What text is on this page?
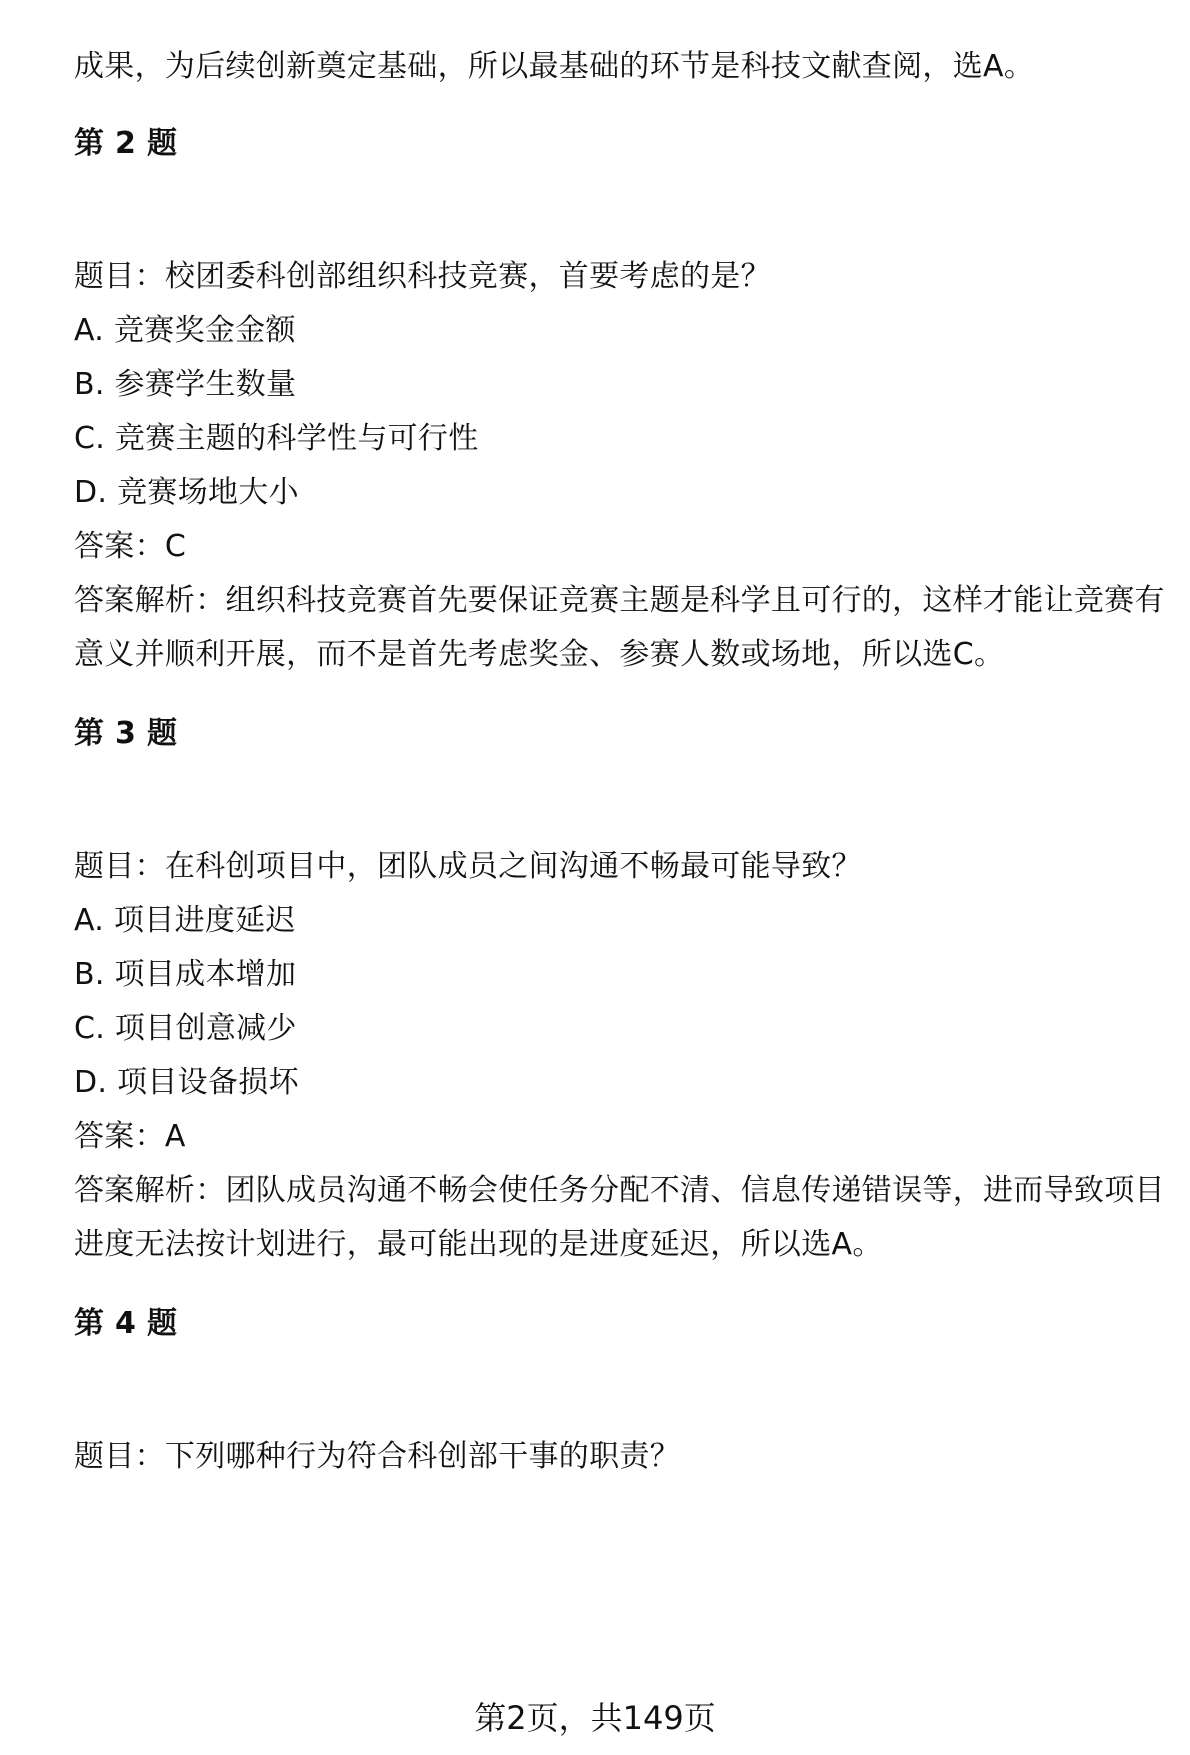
成果，为后续创新奠定基础，所以最基础的环节是科技文献查阅，选A。
第 2 题
题目：校团委科创部组织科技竞赛，首要考虑的是？
A. 竞赛奖金金额
B. 参赛学生数量
C. 竞赛主题的科学性与可行性
D. 竞赛场地大小
答案：C
答案解析：组织科技竞赛首先要保证竞赛主题是科学且可行的，这样才能让竞赛有
意义并顺利开展，而不是首先考虑奖金、参赛人数或场地，所以选C。
第 3 题
题目：在科创项目中，团队成员之间沟通不畅最可能导致？
A. 项目进度延迟
B. 项目成本增加
C. 项目创意减少
D. 项目设备损坏
答案：A
答案解析：团队成员沟通不畅会使任务分配不清、信息传递错误等，进而导致项目
进度无法按计划进行，最可能出现的是进度延迟，所以选A。
第 4 题
题目：下列哪种行为符合科创部干事的职责？
第2页，共149页
